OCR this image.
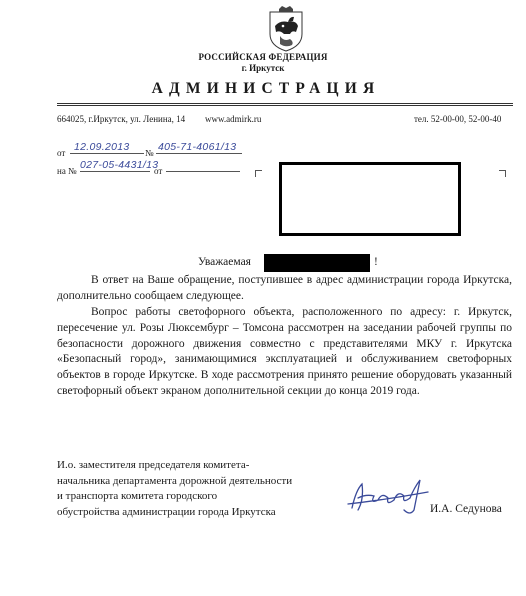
РОССИЙСКАЯ ФЕДЕРАЦИЯ
г. Иркутск
АДМИНИСТРАЦИЯ
664025, г.Иркутск, ул. Ленина, 14 www.admirk.ru	тел. 52-00-00, 52-00-40
от 12.09.2013 № 405-71-4061/13
на № 027-05-4431/13
от
Уважаемая	!
В ответ на Ваше обращение, поступившее в адрес администрации города Иркутска, дополнительно сообщаем следующее.
Вопрос работы светофорного объекта, расположенного по адресу: г. Иркутск, пересечение ул. Розы Люксембург – Томсона рассмотрен на заседании рабочей группы по безопасности дорожного движения совместно с представителями МКУ г. Иркутска «Безопасный город», занимающимися эксплуатацией и обслуживанием светофорных объектов в городе Иркутске. В ходе рассмотрения принято решение оборудовать указанный светофорный объект экраном дополнительной секции до конца 2019 года.
И.о. заместителя председателя комитета-
начальника департамента дорожной деятельности
и транспорта комитета городского
обустройства администрации города Иркутска	И.А. Седунова
